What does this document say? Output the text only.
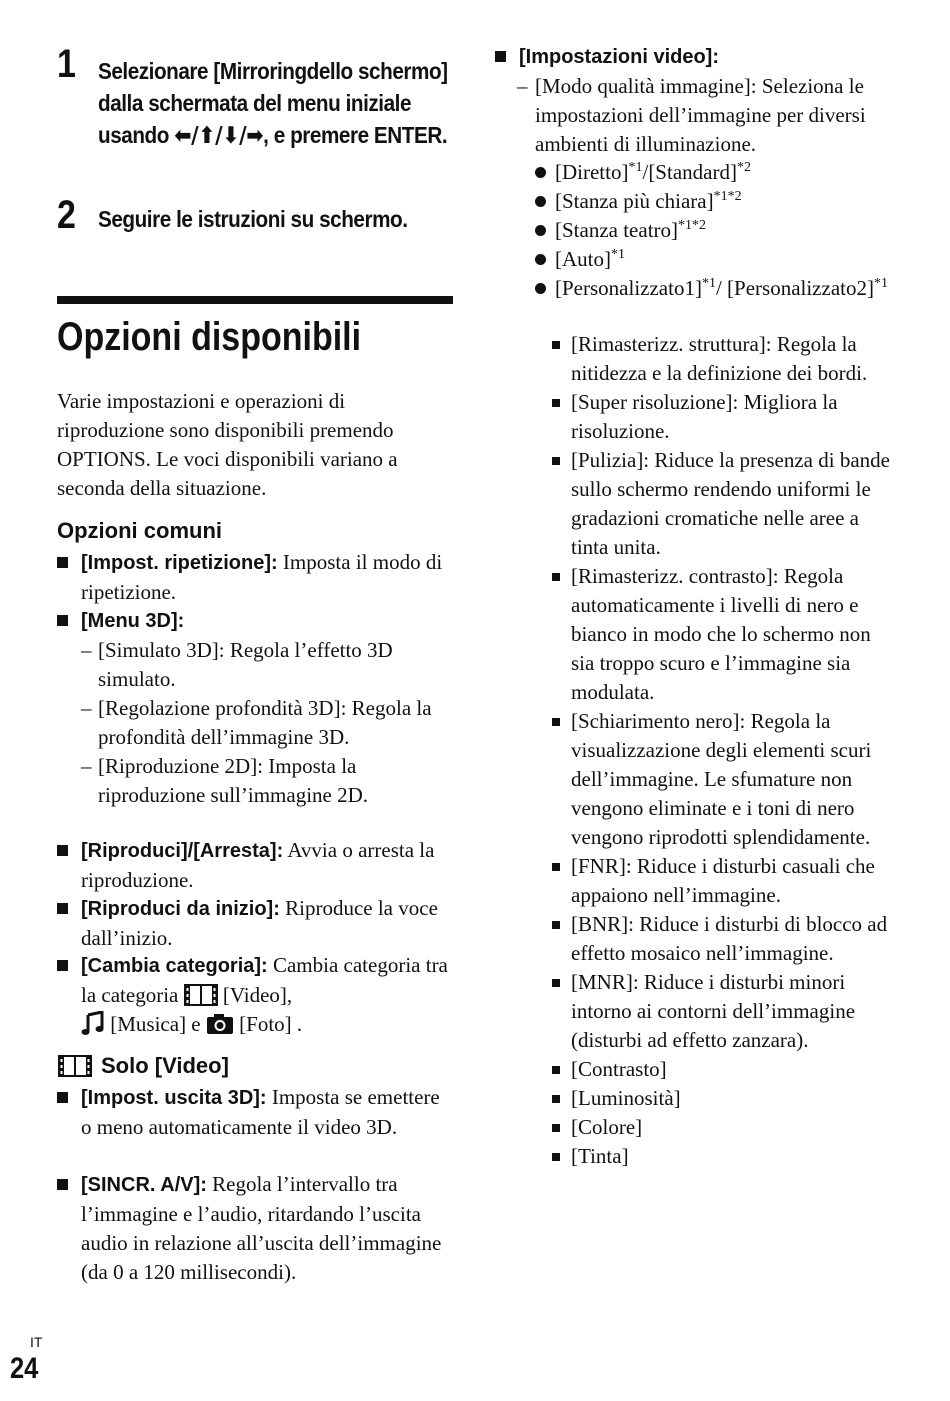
1 Selezionare [Mirroringdello schermo] dalla schermata del menu iniziale usando ⬅/⬆/⬇/➡, e premere ENTER.
2 Seguire le istruzioni su schermo.
Opzioni disponibili
Varie impostazioni e operazioni di riproduzione sono disponibili premendo OPTIONS. Le voci disponibili variano a seconda della situazione.
Opzioni comuni
[Impost. ripetizione]: Imposta il modo di ripetizione.
[Menu 3D]:
– [Simulato 3D]: Regola l’effetto 3D simulato.
– [Regolazione profondità 3D]: Regola la profondità dell’immagine 3D.
– [Riproduzione 2D]: Imposta la riproduzione sull’immagine 2D.
[Riproduci]/[Arresta]: Avvia o arresta la riproduzione.
[Riproduci da inizio]: Riproduce la voce dall’inizio.
[Cambia categoria]: Cambia categoria tra la categoria  [Video],
[Musica] e  [Foto] .
Solo [Video]
[Impost. uscita 3D]: Imposta se emettere o meno automaticamente il video 3D.
[SINCR. A/V]: Regola l’intervallo tra l’immagine e l’audio, ritardando l’uscita audio in relazione all’uscita dell’immagine (da 0 a 120 millisecondi).
[Impostazioni video]:
– [Modo qualità immagine]: Seleziona le impostazioni dell’immagine per diversi ambienti di illuminazione.
[Diretto]$^{*1}$/[Standard]$^{*2}$
[Stanza più chiara]$^{*1*2}$
[Stanza teatro]$^{*1*2}$
[Auto]$^{*1}$
[Personalizzato1]$^{*1}$/ [Personalizzato2]$^{*1}$
[Rimasterizz. struttura]: Regola la nitidezza e la definizione dei bordi.
[Super risoluzione]: Migliora la risoluzione.
[Pulizia]: Riduce la presenza di bande sullo schermo rendendo uniformi le gradazioni cromatiche nelle aree a tinta unita.
[Rimasterizz. contrasto]: Regola automaticamente i livelli di nero e bianco in modo che lo schermo non sia troppo scuro e l’immagine sia modulata.
[Schiarimento nero]: Regola la visualizzazione degli elementi scuri dell’immagine. Le sfumature non vengono eliminate e i toni di nero vengono riprodotti splendidamente.
[FNR]: Riduce i disturbi casuali che appaiono nell’immagine.
[BNR]: Riduce i disturbi di blocco ad effetto mosaico nell’immagine.
[MNR]: Riduce i disturbi minori intorno ai contorni dell’immagine (disturbi ad effetto zanzara).
[Contrasto]
[Luminosità]
[Colore]
[Tinta]
IT
24
